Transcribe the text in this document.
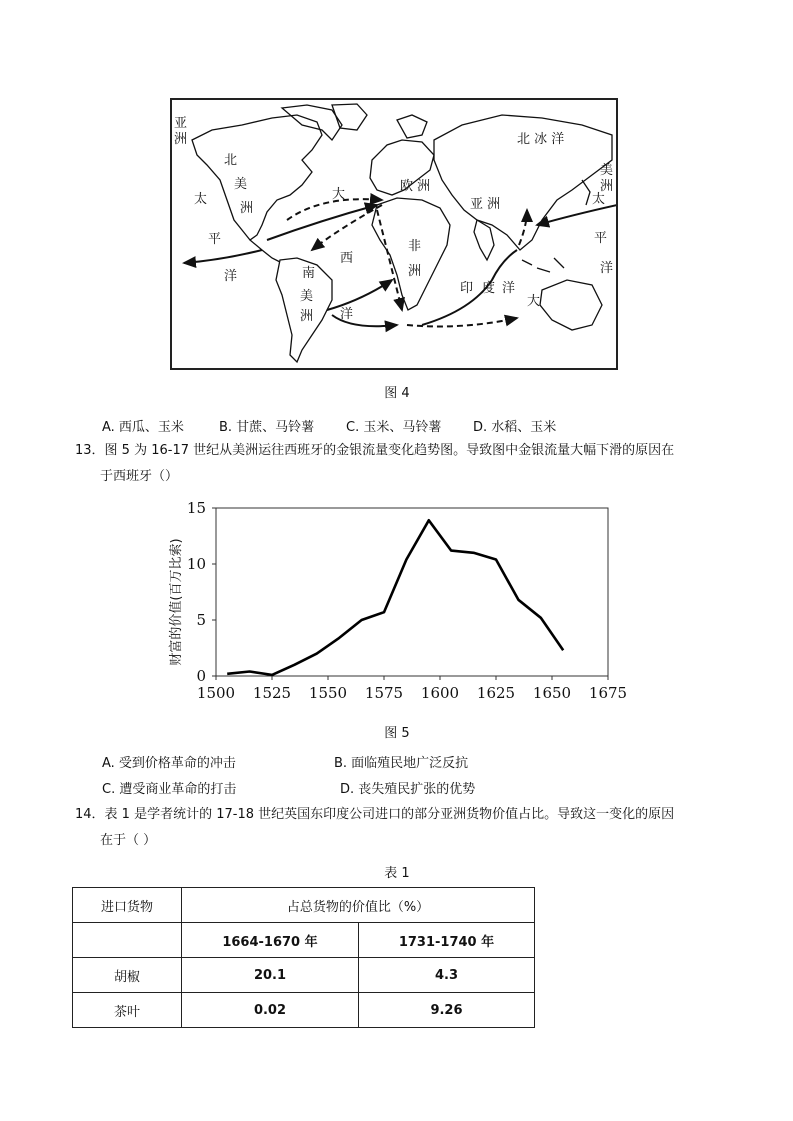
北 冰 洋
亚
洲
北
美
洲
大
欧 洲
亚 洲
太
平
洋	南
美
洲
西
洋
非
洲
印 度 洋
美
洲
太
平
洋
大
图 4
A. 西瓜、玉米	B. 甘蔗、马铃薯 C. 玉米、马铃薯 D. 水稻、玉米
13．图 5 为 16-17 世纪从美洲运往西班牙的金银流量变化趋势图。导致图中金银流量大幅下滑的原因在
于西班牙（）
财富的价值(百万比索)
1500 1525 1550 1575 1600 1625 1650 1675
0
5
10
15
图 5
A. 受到价格革命的冲击	B. 面临殖民地广泛反抗
C. 遭受商业革命的打击	D. 丧失殖民扩张的优势
14．表 1 是学者统计的 17-18 世纪英国东印度公司进口的部分亚洲货物价值占比。导致这一变化的原因
在于（ ）
表 1
进口货物	占总货物的价值比（%）	
	1664-1670 年	1731-1740 年
胡椒	20.1	4.3
茶叶	0.02	9.26
